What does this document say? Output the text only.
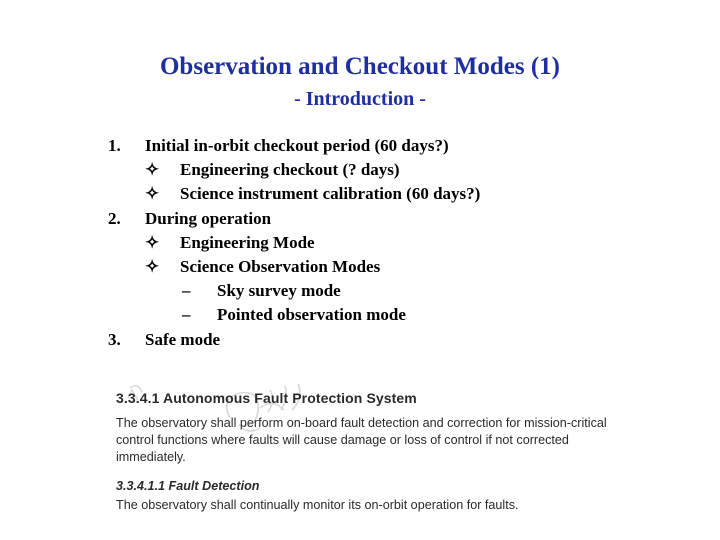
Observation and Checkout Modes (1)
- Introduction -
1. Initial in-orbit checkout period (60 days?)
✧ Engineering checkout (? days)
✧ Science instrument calibration (60 days?)
2. During operation
✧ Engineering Mode
✧ Science Observation Modes
– Sky survey mode
– Pointed observation mode
3. Safe mode
3.3.4.1 Autonomous Fault Protection System
The observatory shall perform on-board fault detection and correction for mission-critical control functions where faults will cause damage or loss of control if not corrected immediately.
3.3.4.1.1 Fault Detection
The observatory shall continually monitor its on-orbit operation for faults.
